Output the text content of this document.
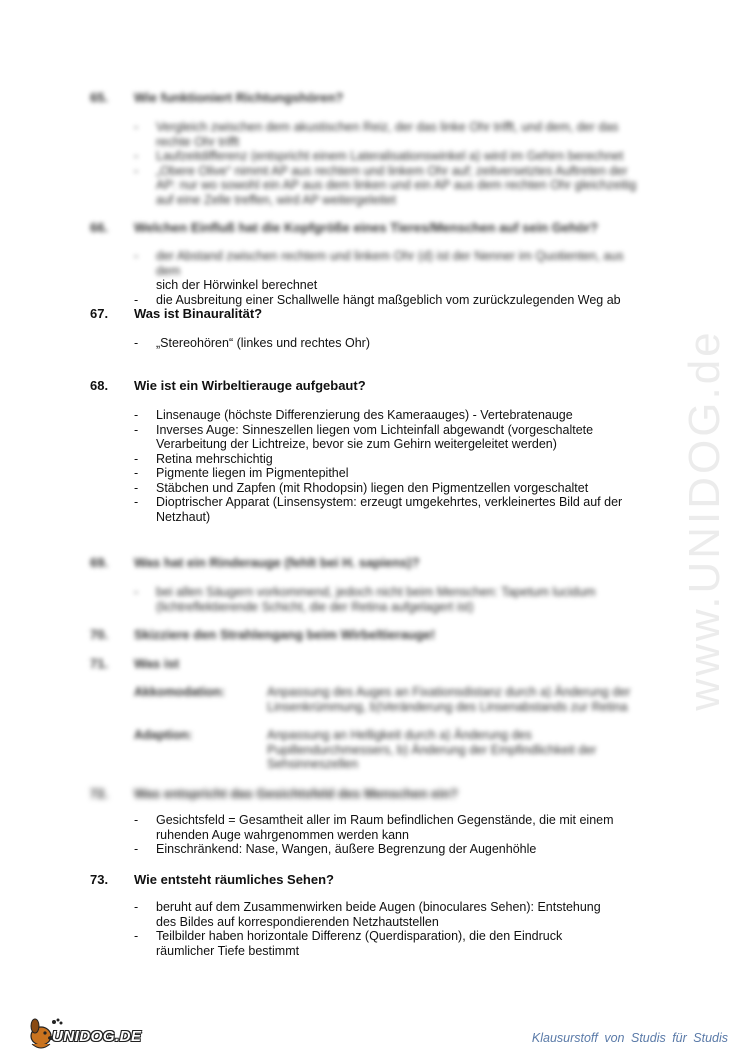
www.UNIDOG.de
65. Wie funktioniert Richtungshören?
- Vergleich zwischen dem akustischen Reiz, der das linke Ohr trifft, und dem, der das rechte Ohr trifft
- Laufzeitdifferenz (entspricht einem Lateralisationswinkel a) wird im Gehirn berechnet
- „Obere Olive“ nimmt AP aus rechtem und linkem Ohr auf; zeitversetztes Auftreten der AP: nur wo sowohl ein AP aus dem linken und ein AP aus dem rechten Ohr gleichzeitig auf eine Zelle treffen, wird AP weitergeleitet
66. Welchen Einfluß hat die Kopfgröße eines Tieres/Menschen auf sein Gehör?
- der Abstand zwischen rechtem und linkem Ohr (d) ist der Nenner im Quotienten, aus dem
sich der Hörwinkel berechnet
- die Ausbreitung einer Schallwelle hängt maßgeblich vom zurückzulegenden Weg ab
67. Was ist Binauralität?
- „Stereohören“ (linkes und rechtes Ohr)
68. Wie ist ein Wirbeltierauge aufgebaut?
- Linsenauge (höchste Differenzierung des Kameraauges) - Vertebratenauge
- Inverses Auge: Sinneszellen liegen vom Lichteinfall abgewandt (vorgeschaltete Verarbeitung der Lichtreize, bevor sie zum Gehirn weitergeleitet werden)
- Retina mehrschichtig
- Pigmente liegen im Pigmentepithel
- Stäbchen und Zapfen (mit Rhodopsin) liegen den Pigmentzellen vorgeschaltet
- Dioptrischer Apparat (Linsensystem: erzeugt umgekehrtes, verkleinertes Bild auf der Netzhaut)
69. Was hat ein Rinderauge (fehlt bei H. sapiens)?
- bei allen Säugern vorkommend, jedoch nicht beim Menschen: Tapetum lucidum (lichtreflektierende Schicht, die der Retina aufgelagert ist)
70. Skizziere den Strahlengang beim Wirbeltierauge!
71. Was ist
Akkomodation:	Anpassung des Auges an Fixationsdistanz durch a) Änderung der Linsenkrümmung, b)Veränderung des Linsenabstands zur Retina
Adaption:	Anpassung an Helligkeit durch a) Änderung des Pupillendurchmessers, b) Änderung der Empfindlichkeit der Sehsinneszellen
72. Was entspricht das Gesichtsfeld des Menschen ein?
- Gesichtsfeld = Gesamtheit aller im Raum befindlichen Gegenstände, die mit einem ruhenden Auge wahrgenommen werden kann
- Einschränkend: Nase, Wangen, äußere Begrenzung der Augenhöhle
73. Wie entsteht räumliches Sehen?
- beruht auf dem Zusammenwirken beide Augen (binoculares Sehen): Entstehung des Bildes auf korrespondierenden Netzhautstellen
- Teilbilder haben horizontale Differenz (Querdisparation), die den Eindruck räumlicher Tiefe bestimmt
UNIDOG.DE	Klausurstoff von Studis für Studis
